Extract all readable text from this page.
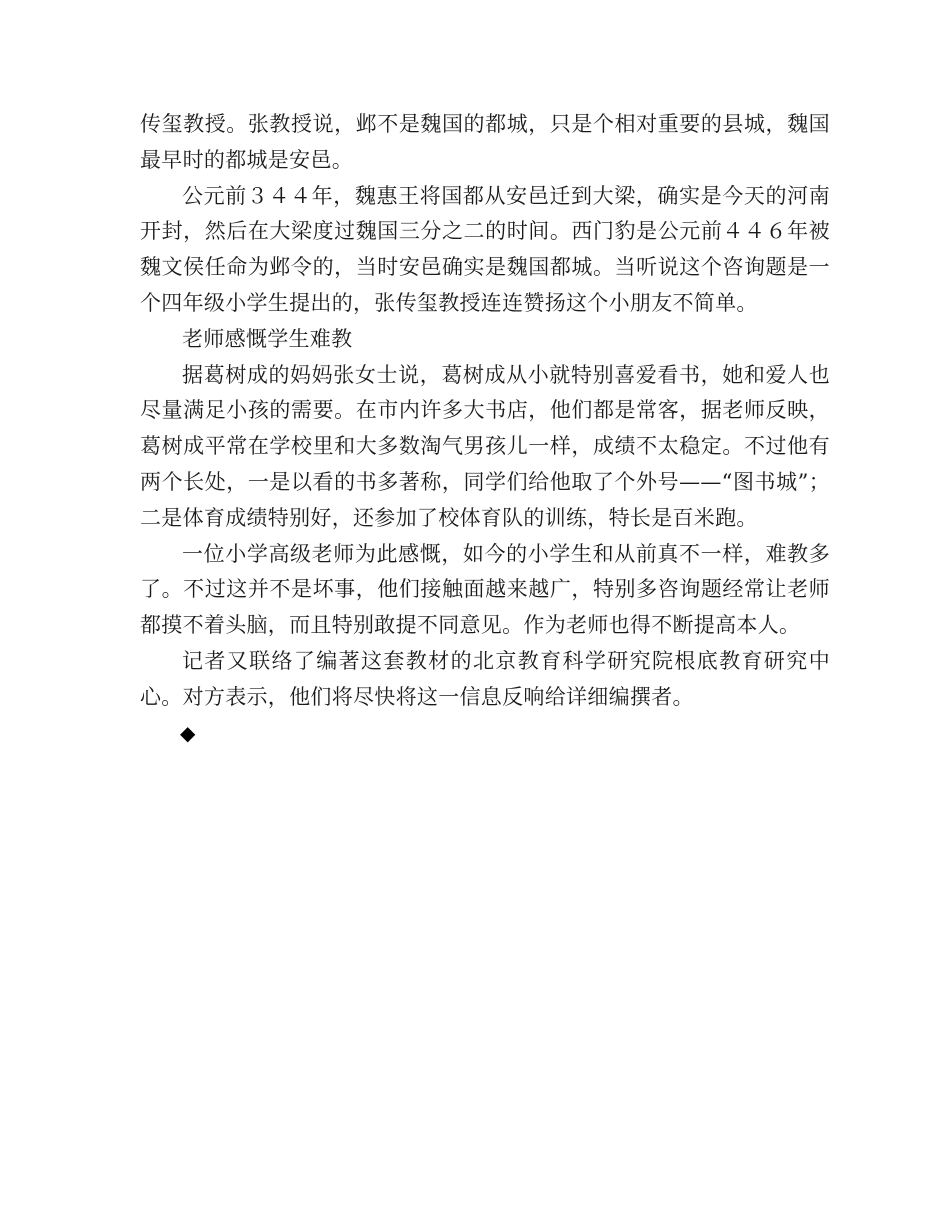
传玺教授。张教授说，邺不是魏国的都城，只是个相对重要的县城，魏国最早时的都城是安邑。

公元前３４４年，魏惠王将国都从安邑迁到大梁，确实是今天的河南开封，然后在大梁度过魏国三分之二的时间。西门豹是公元前４４６年被魏文侯任命为邺令的，当时安邑确实是魏国都城。当听说这个咨询题是一个四年级小学生提出的，张传玺教授连连赞扬这个小朋友不简单。

老师感慨学生难教

据葛树成的妈妈张女士说，葛树成从小就特别喜爱看书，她和爱人也尽量满足小孩的需要。在市内许多大书店，他们都是常客，据老师反映，葛树成平常在学校里和大多数淘气男孩儿一样，成绩不太稳定。不过他有两个长处，一是以看的书多著称，同学们给他取了个外号——“图书城”；二是体育成绩特别好，还参加了校体育队的训练，特长是百米跑。

一位小学高级老师为此感慨，如今的小学生和从前真不一样，难教多了。不过这并不是坏事，他们接触面越来越广，特别多咨询题经常让老师都摸不着头脑，而且特别敢提不同意见。作为老师也得不断提高本人。

记者又联络了编著这套教材的北京教育科学研究院根底教育研究中心。对方表示，他们将尽快将这一信息反响给详细编撰者。

◆
